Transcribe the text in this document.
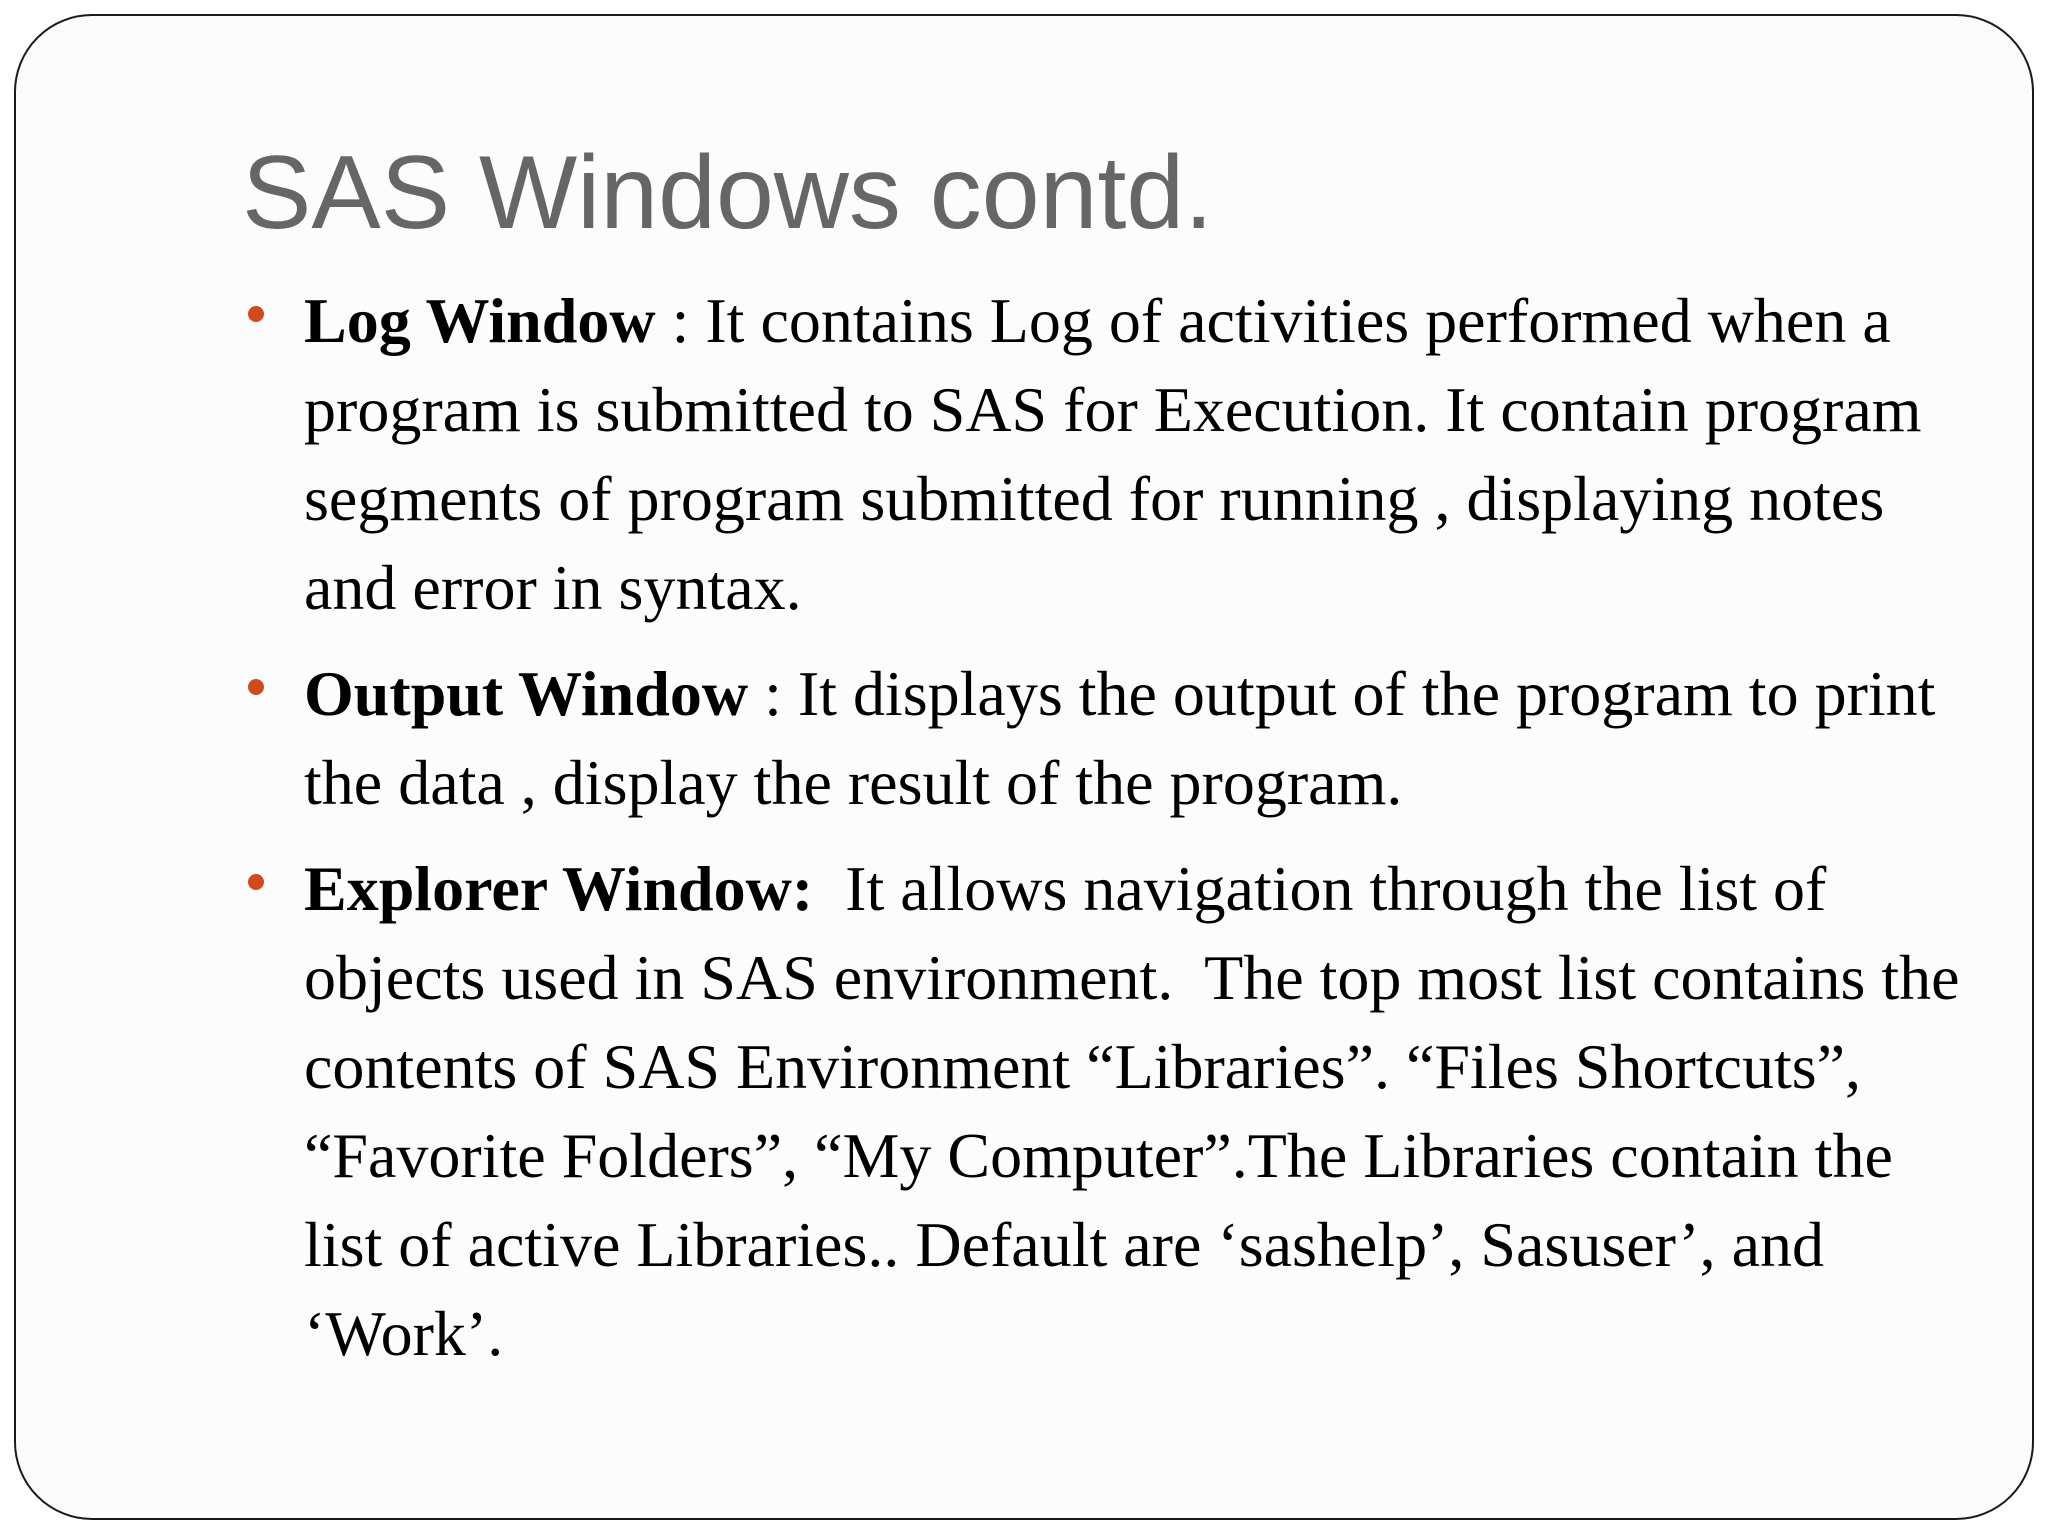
SAS Windows contd.
Log Window : It contains Log of activities performed when a program is submitted to SAS for Execution. It contain program segments of program submitted for running , displaying notes  and error in syntax.
Output Window : It displays the output of the program to print the data , display the result of the program.
Explorer Window:  It allows navigation through the list of objects used in SAS environment.  The top most list contains the contents of SAS Environment “Libraries”. “Files Shortcuts”, “Favorite Folders”, “My Computer”.The Libraries contain the list of active Libraries.. Default are ‘sashelp’, Sasuser’, and ‘Work’.
